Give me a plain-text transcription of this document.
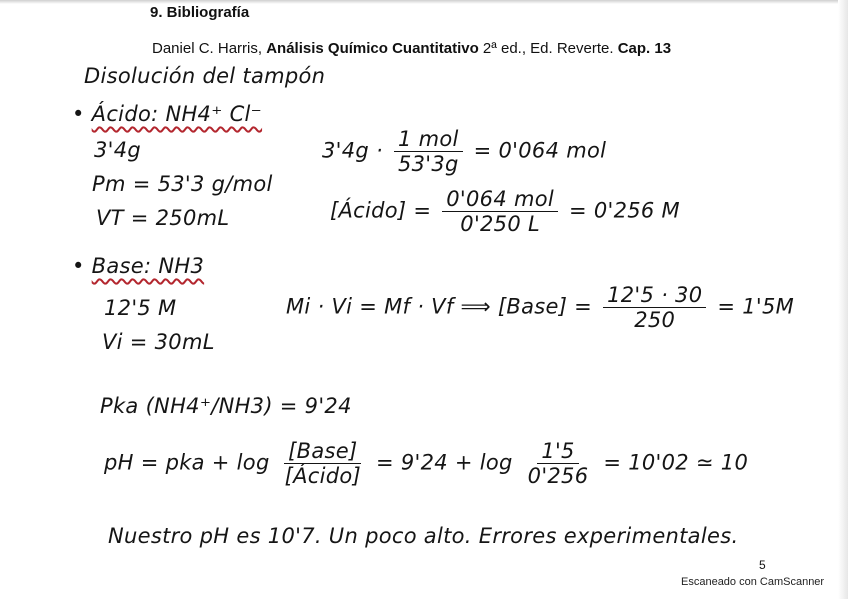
9. Bibliografía
Daniel C. Harris, Análisis Químico Cuantitativo 2ª ed., Ed. Reverte. Cap. 13
Disolución del tampón
• Ácido: NH4⁺ Cl⁻
3'4g
Pm = 53'3 g/mol
VT = 250mL
$3'4g \cdot \frac{\text{1 mol}}{53'3g} = 0'064$ mol
[Ácido] = $\frac{\text{0'064 mol}}{0'250 L} = 0'256$ M
• Base: NH3
12'5 M
Vi = 30mL
Mi · Vi = Mf · Vf ⟹ [Base] = $\frac{12'5 \cdot 30}{250} = 1'5M$
Pka (NH4⁺/NH3) = 9'24
pH = pka + $\log \frac{\text{[Base]}}{\text{[Ácido]}} = 9'24 + \log \frac{1'5}{0'256} = 10'02$ ≃ 10
Nuestro pH es 10'7. Un poco alto. Errores experimentales.
5
Escaneado con CamScanner
